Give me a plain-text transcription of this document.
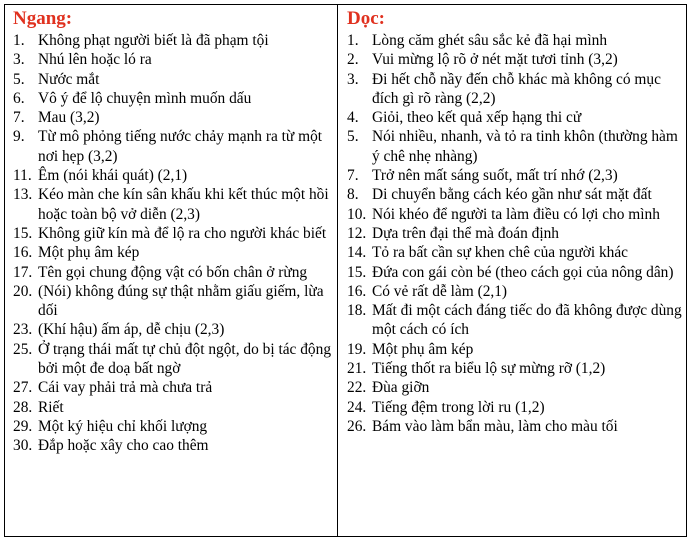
Ngang:
1. Không phạt người biết là đã phạm tội
3. Nhú lên hoặc ló ra
5. Nước mắt
6. Vô ý để lộ chuyện mình muốn dấu
7. Mau (3,2)
9. Từ mô phỏng tiếng nước chảy mạnh ra từ một nơi hẹp (3,2)
11. Êm (nói khái quát) (2,1)
13. Kéo màn che kín sân khấu khi kết thúc một hồi hoặc toàn bộ vở diễn (2,3)
15. Không giữ kín mà để lộ ra cho người khác biết
16. Một phụ âm kép
17. Tên gọi chung động vật có bốn chân ở rừng
20. (Nói) không đúng sự thật nhằm giấu giếm, lừa dối
23. (Khí hậu) ấm áp, dễ chịu (2,3)
25. Ở trạng thái mất tự chủ đột ngột, do bị tác động bởi một đe doạ bất ngờ
27. Cái vay phải trả mà chưa trả
28. Riết
29. Một ký hiệu chỉ khối lượng
30. Đắp hoặc xây cho cao thêm
Dọc:
1. Lòng căm ghét sâu sắc kẻ đã hại mình
2. Vui mừng lộ rõ ở nét mặt tươi tỉnh (3,2)
3. Đi hết chỗ nầy đến chỗ khác mà không có mục đích gì rõ ràng (2,2)
4. Giỏi, theo kết quả xếp hạng thi cử
5. Nói nhiều, nhanh, và tỏ ra tinh khôn (thường hàm ý chê nhẹ nhàng)
7. Trở nên mất sáng suốt, mất trí nhớ (2,3)
8. Di chuyển bằng cách kéo gần như sát mặt đất
10. Nói khéo để người ta làm điều có lợi cho mình
12. Dựa trên đại thể mà đoán định
14. Tỏ ra bất cần sự khen chê của người khác
15. Đứa con gái còn bé (theo cách gọi của nông dân)
16. Có vẻ rất dễ làm (2,1)
18. Mất đi một cách đáng tiếc do đã không được dùng một cách có ích
19. Một phụ âm kép
21. Tiếng thốt ra biểu lộ sự mừng rỡ (1,2)
22. Đùa giỡn
24. Tiếng đệm trong lời ru (1,2)
26. Bám vào làm bẩn màu, làm cho màu tối
